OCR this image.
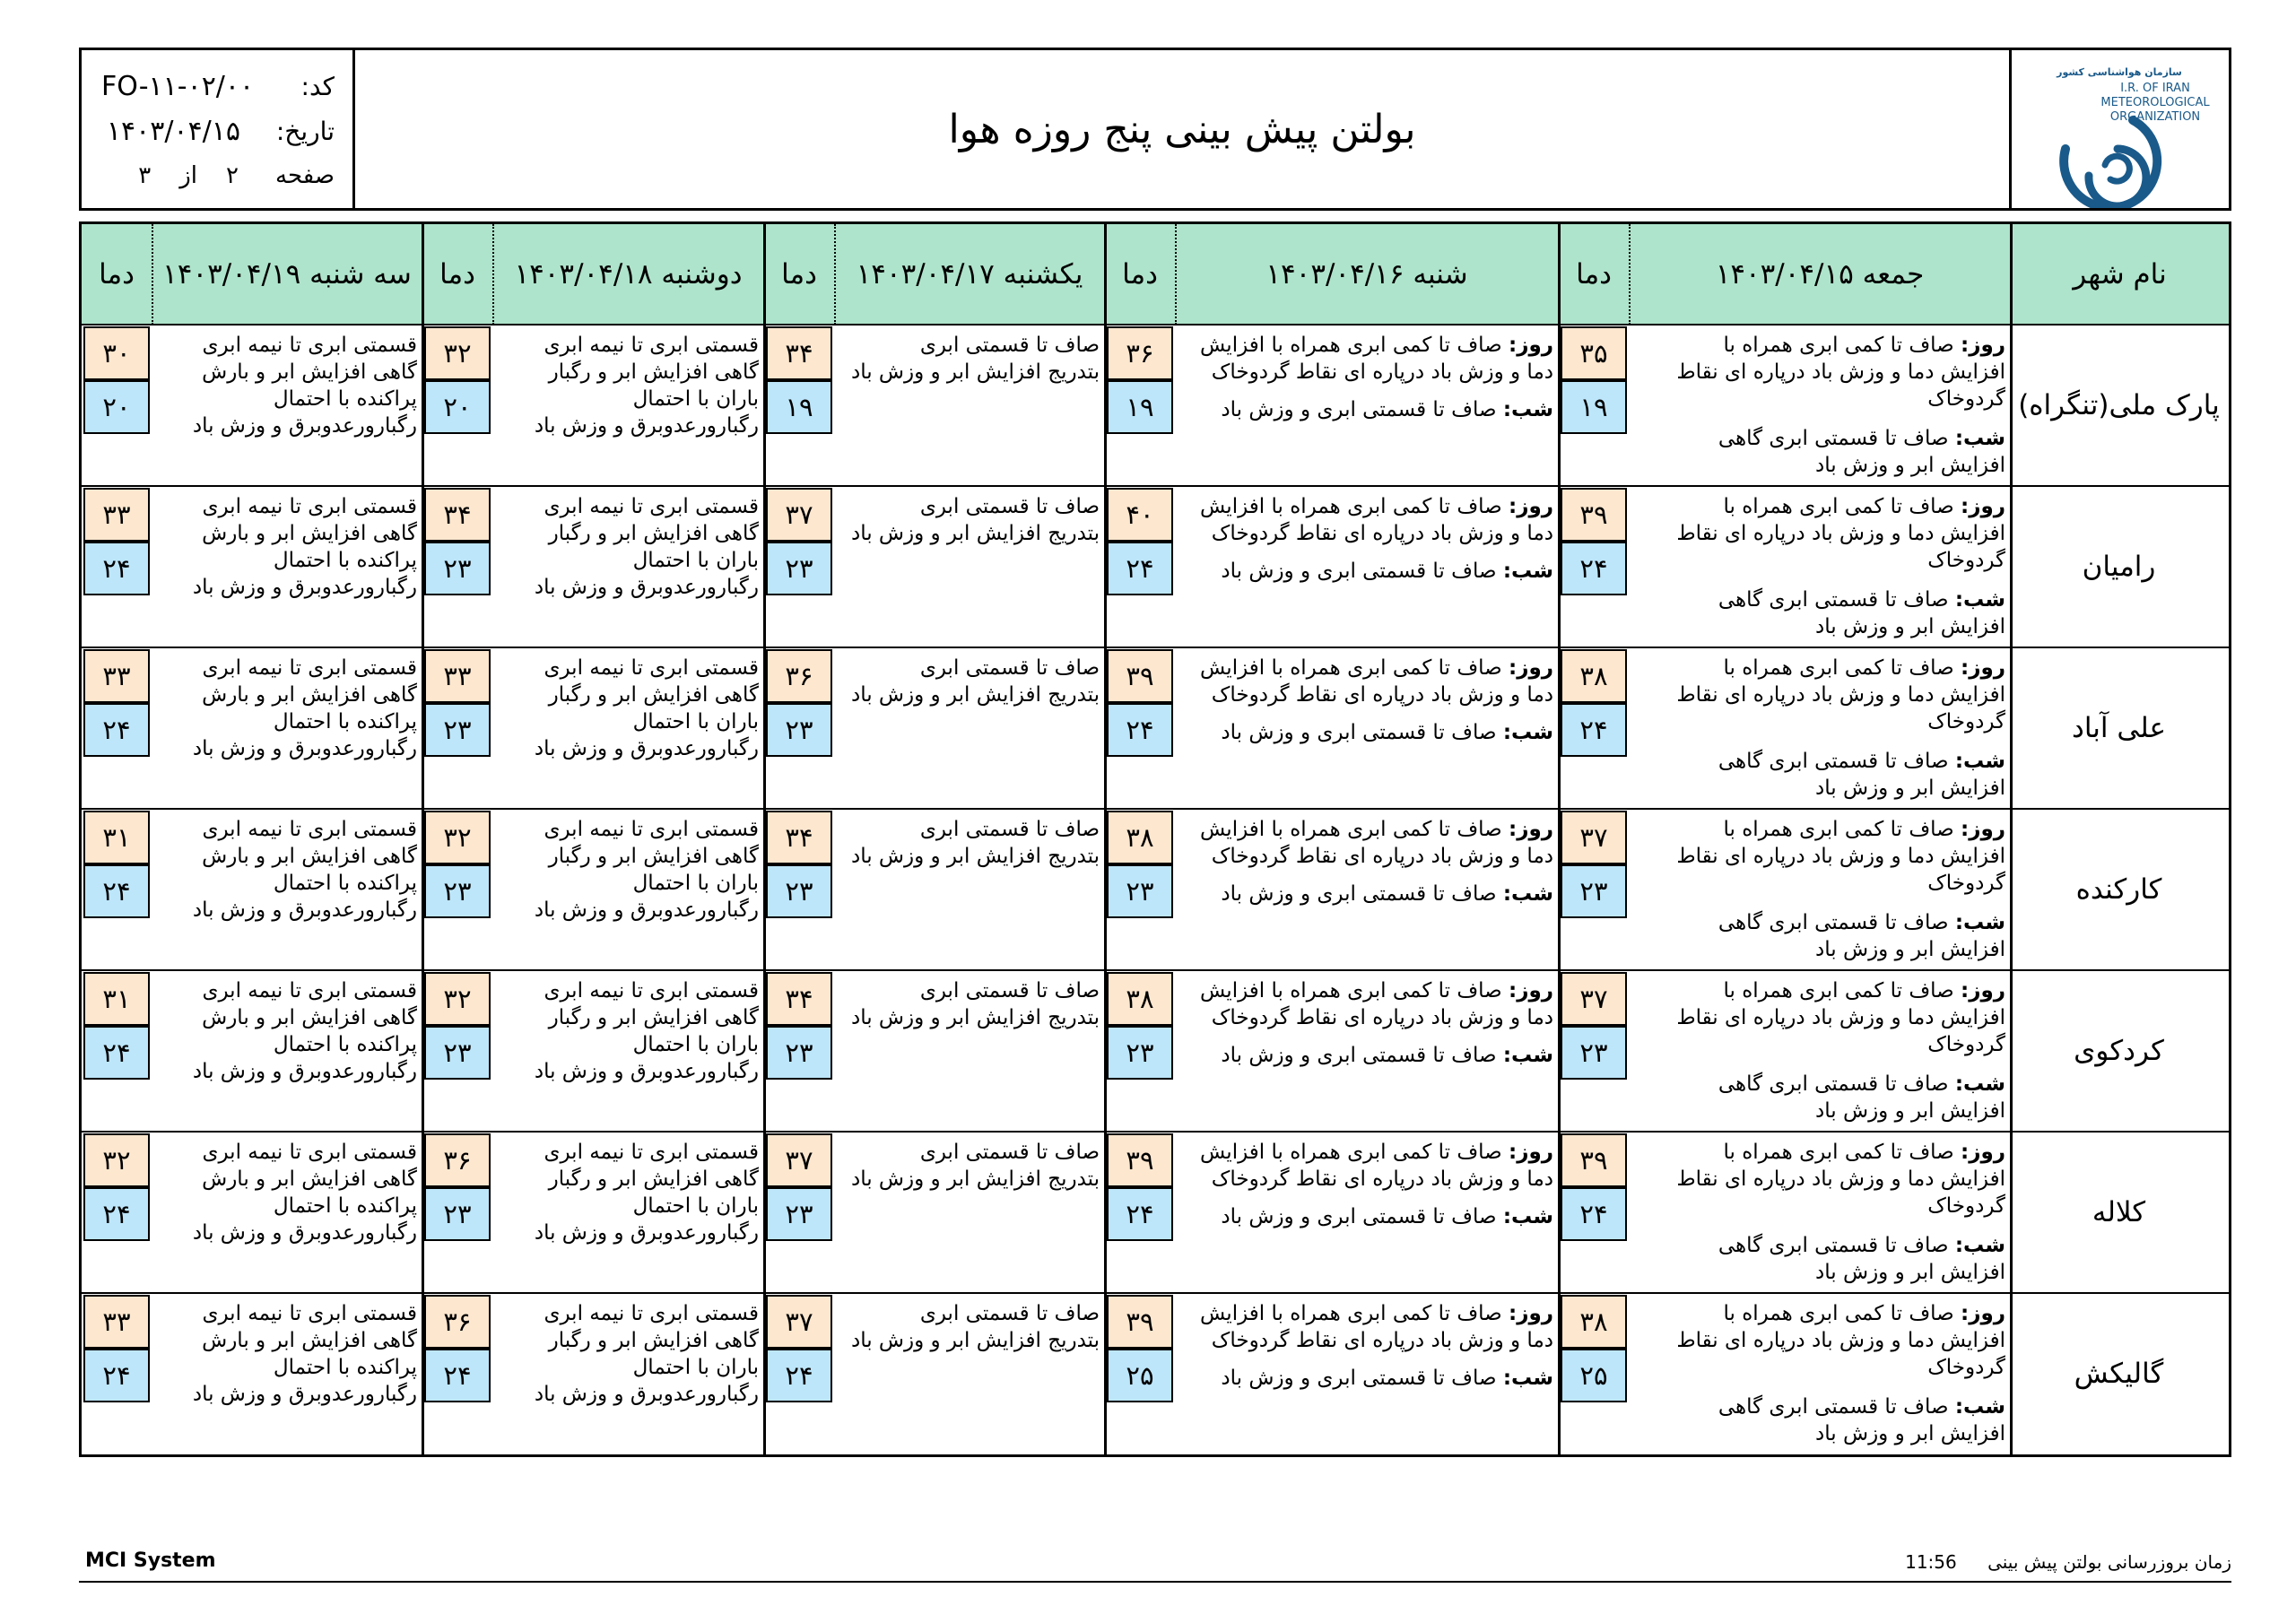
سازمان هواشناسی کشور
I.R. OF IRAN
METEOROLOGICAL
ORGANIZATION
بولتن پیش بینی پنج روزه هوا
کد:
FO-۱۱-۰۲/۰۰
تاریخ:
۱۴۰۳/۰۴/۱۵
صفحه
۲
از
۳
نام شهر
جمعه ۱۴۰۳/۰۴/۱۵
دما
شنبه ۱۴۰۳/۰۴/۱۶
دما
یکشنبه ۱۴۰۳/۰۴/۱۷
دما
دوشنبه ۱۴۰۳/۰۴/۱۸
دما
سه شنبه ۱۴۰۳/۰۴/۱۹
دما
پارک ملی(تنگراه)
۳۵
۱۹
روز: صاف تا کمی ابری همراه با
افزایش دما و وزش باد درپاره ای نقاط
گردوخاک
شب: صاف تا قسمتی ابری گاهی
افزایش ابر و وزش باد
۳۶
۱۹
روز: صاف تا کمی ابری همراه با افزایش
دما و وزش باد درپاره ای نقاط گردوخاک
شب: صاف تا قسمتی ابری و وزش باد
۳۴
۱۹
صاف تا قسمتی ابری
بتدریج افزایش ابر و وزش باد
۳۲
۲۰
قسمتی ابری تا نیمه ابری
گاهی افزایش ابر و رگبار
باران با احتمال
رگبارورعدوبرق و وزش باد
۳۰
۲۰
قسمتی ابری تا نیمه ابری
گاهی افزایش ابر و بارش
پراکنده با احتمال
رگبارورعدوبرق و وزش باد
رامیان
۳۹
۲۴
روز: صاف تا کمی ابری همراه با
افزایش دما و وزش باد درپاره ای نقاط
گردوخاک
شب: صاف تا قسمتی ابری گاهی
افزایش ابر و وزش باد
۴۰
۲۴
روز: صاف تا کمی ابری همراه با افزایش
دما و وزش باد درپاره ای نقاط گردوخاک
شب: صاف تا قسمتی ابری و وزش باد
۳۷
۲۳
صاف تا قسمتی ابری
بتدریج افزایش ابر و وزش باد
۳۴
۲۳
قسمتی ابری تا نیمه ابری
گاهی افزایش ابر و رگبار
باران با احتمال
رگبارورعدوبرق و وزش باد
۳۳
۲۴
قسمتی ابری تا نیمه ابری
گاهی افزایش ابر و بارش
پراکنده با احتمال
رگبارورعدوبرق و وزش باد
علی آباد
۳۸
۲۴
روز: صاف تا کمی ابری همراه با
افزایش دما و وزش باد درپاره ای نقاط
گردوخاک
شب: صاف تا قسمتی ابری گاهی
افزایش ابر و وزش باد
۳۹
۲۴
روز: صاف تا کمی ابری همراه با افزایش
دما و وزش باد درپاره ای نقاط گردوخاک
شب: صاف تا قسمتی ابری و وزش باد
۳۶
۲۳
صاف تا قسمتی ابری
بتدریج افزایش ابر و وزش باد
۳۳
۲۳
قسمتی ابری تا نیمه ابری
گاهی افزایش ابر و رگبار
باران با احتمال
رگبارورعدوبرق و وزش باد
۳۳
۲۴
قسمتی ابری تا نیمه ابری
گاهی افزایش ابر و بارش
پراکنده با احتمال
رگبارورعدوبرق و وزش باد
کارکنده
۳۷
۲۳
روز: صاف تا کمی ابری همراه با
افزایش دما و وزش باد درپاره ای نقاط
گردوخاک
شب: صاف تا قسمتی ابری گاهی
افزایش ابر و وزش باد
۳۸
۲۳
روز: صاف تا کمی ابری همراه با افزایش
دما و وزش باد درپاره ای نقاط گردوخاک
شب: صاف تا قسمتی ابری و وزش باد
۳۴
۲۳
صاف تا قسمتی ابری
بتدریج افزایش ابر و وزش باد
۳۲
۲۳
قسمتی ابری تا نیمه ابری
گاهی افزایش ابر و رگبار
باران با احتمال
رگبارورعدوبرق و وزش باد
۳۱
۲۴
قسمتی ابری تا نیمه ابری
گاهی افزایش ابر و بارش
پراکنده با احتمال
رگبارورعدوبرق و وزش باد
کردکوی
۳۷
۲۳
روز: صاف تا کمی ابری همراه با
افزایش دما و وزش باد درپاره ای نقاط
گردوخاک
شب: صاف تا قسمتی ابری گاهی
افزایش ابر و وزش باد
۳۸
۲۳
روز: صاف تا کمی ابری همراه با افزایش
دما و وزش باد درپاره ای نقاط گردوخاک
شب: صاف تا قسمتی ابری و وزش باد
۳۴
۲۳
صاف تا قسمتی ابری
بتدریج افزایش ابر و وزش باد
۳۲
۲۳
قسمتی ابری تا نیمه ابری
گاهی افزایش ابر و رگبار
باران با احتمال
رگبارورعدوبرق و وزش باد
۳۱
۲۴
قسمتی ابری تا نیمه ابری
گاهی افزایش ابر و بارش
پراکنده با احتمال
رگبارورعدوبرق و وزش باد
کلاله
۳۹
۲۴
روز: صاف تا کمی ابری همراه با
افزایش دما و وزش باد درپاره ای نقاط
گردوخاک
شب: صاف تا قسمتی ابری گاهی
افزایش ابر و وزش باد
۳۹
۲۴
روز: صاف تا کمی ابری همراه با افزایش
دما و وزش باد درپاره ای نقاط گردوخاک
شب: صاف تا قسمتی ابری و وزش باد
۳۷
۲۳
صاف تا قسمتی ابری
بتدریج افزایش ابر و وزش باد
۳۶
۲۳
قسمتی ابری تا نیمه ابری
گاهی افزایش ابر و رگبار
باران با احتمال
رگبارورعدوبرق و وزش باد
۳۲
۲۴
قسمتی ابری تا نیمه ابری
گاهی افزایش ابر و بارش
پراکنده با احتمال
رگبارورعدوبرق و وزش باد
گالیکش
۳۸
۲۵
روز: صاف تا کمی ابری همراه با
افزایش دما و وزش باد درپاره ای نقاط
گردوخاک
شب: صاف تا قسمتی ابری گاهی
افزایش ابر و وزش باد
۳۹
۲۵
روز: صاف تا کمی ابری همراه با افزایش
دما و وزش باد درپاره ای نقاط گردوخاک
شب: صاف تا قسمتی ابری و وزش باد
۳۷
۲۴
صاف تا قسمتی ابری
بتدریج افزایش ابر و وزش باد
۳۶
۲۴
قسمتی ابری تا نیمه ابری
گاهی افزایش ابر و رگبار
باران با احتمال
رگبارورعدوبرق و وزش باد
۳۳
۲۴
قسمتی ابری تا نیمه ابری
گاهی افزایش ابر و بارش
پراکنده با احتمال
رگبارورعدوبرق و وزش باد
MCI System	زمان بروزرسانی بولتن پیش بینی 11:56
